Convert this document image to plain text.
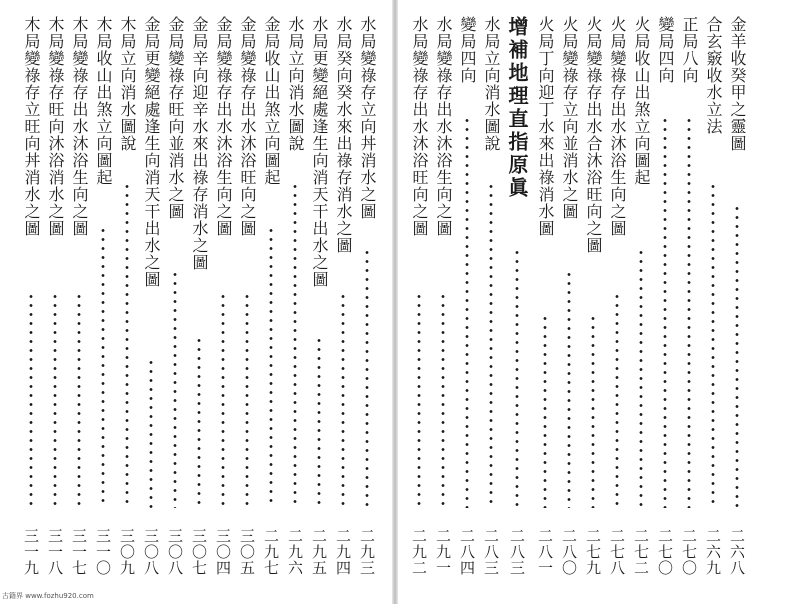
水局變祿存立向丼消水之圖
二九三
水局癸向癸水來出祿存消水之圖
二九四
水局更變絕處逢生向消天干出水之圖
二九五
水局立向消水圖說
二九六
金局收山出煞立向圖起
二九七
金局變祿存出水沐浴旺向之圖
三〇五
金局變祿存出水沐浴生向之圖
三〇四
金局辛向迎辛水來出祿存消水之圖
三〇七
金局變祿存旺向並消水之圖
三〇八
金局更變絕處逢生向消天干出水之圖
三〇八
木局立向消水圖說
三〇九
木局收山出煞立向圖起
三一〇
木局變祿存出水沐浴生向之圖
三一七
木局變祿存旺向沐浴消水之圖
三一八
木局變祿存立旺向丼消水之圖
三一九
古籍界 www.fozhu920.com
金羊收癸甲之靈圖
二六八
合玄竅收水立法
二六九
正局八向
二七〇
變局四向
二七〇
火局收山出煞立向圖起
二七二
火局變祿存出水沐浴生向之圖
二七八
火局變祿存出水合沐浴旺向之圖
二七九
火局變祿存立向並消水之圖
二八〇
火局丁向迎丁水來出祿消水圖
二八一
增補地理直指原眞
二八三
水局立向消水圖說
二八三
變局四向
二八四
水局變祿存出水沐浴生向之圖
二九一
水局變祿存出水沐浴旺向之圖
二九二
